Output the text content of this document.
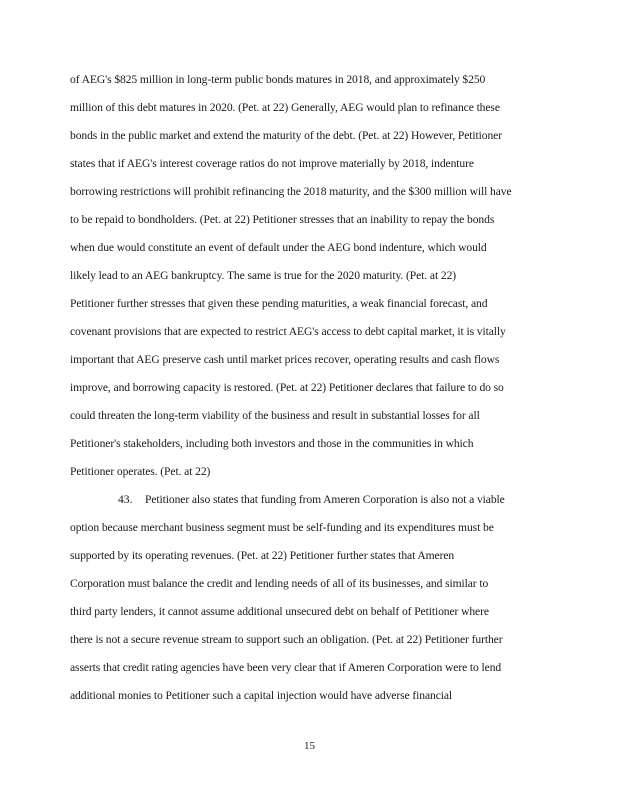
of AEG's $825 million in long-term public bonds matures in 2018, and approximately $250
million of this debt matures in 2020. (Pet. at 22) Generally, AEG would plan to refinance these
bonds in the public market and extend the maturity of the debt. (Pet. at 22) However, Petitioner
states that if AEG's interest coverage ratios do not improve materially by 2018, indenture
borrowing restrictions will prohibit refinancing the 2018 maturity, and the $300 million will have
to be repaid to bondholders. (Pet. at 22) Petitioner stresses that an inability to repay the bonds
when due would constitute an event of default under the AEG bond indenture, which would
likely lead to an AEG bankruptcy. The same is true for the 2020 maturity. (Pet. at 22)
Petitioner further stresses that given these pending maturities, a weak financial forecast, and
covenant provisions that are expected to restrict AEG's access to debt capital market, it is vitally
important that AEG preserve cash until market prices recover, operating results and cash flows
improve, and borrowing capacity is restored. (Pet. at 22) Petitioner declares that failure to do so
could threaten the long-term viability of the business and result in substantial losses for all
Petitioner's stakeholders, including both investors and those in the communities in which
Petitioner operates. (Pet. at 22)
43. Petitioner also states that funding from Ameren Corporation is also not a viable
option because merchant business segment must be self-funding and its expenditures must be
supported by its operating revenues. (Pet. at 22) Petitioner further states that Ameren
Corporation must balance the credit and lending needs of all of its businesses, and similar to
third party lenders, it cannot assume additional unsecured debt on behalf of Petitioner where
there is not a secure revenue stream to support such an obligation. (Pet. at 22) Petitioner further
asserts that credit rating agencies have been very clear that if Ameren Corporation were to lend
additional monies to Petitioner such a capital injection would have adverse financial
15
